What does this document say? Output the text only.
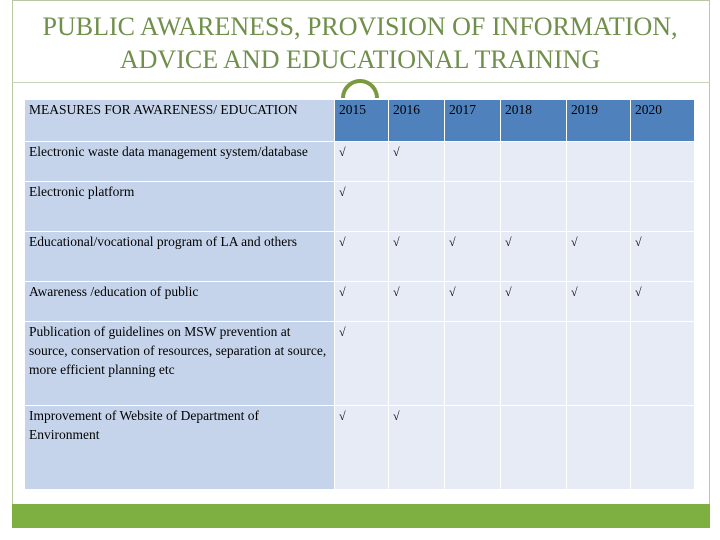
PUBLIC AWARENESS, PROVISION OF INFORMATION,
ADVICE AND EDUCATIONAL TRAINING
MEASURES FOR AWARENESS/ EDUCATION	2015	2016	2017	2018	2019	2020
Electronic waste data management system/database	√	√				
Electronic platform	√					
Educational/vocational program of LA and others	√	√	√	√	√	√
Awareness /education of public	√	√	√	√	√	√
Publication of guidelines on MSW prevention at source, conservation of resources, separation at source, more efficient planning etc	√					
Improvement of Website of Department of Environment	√	√				
